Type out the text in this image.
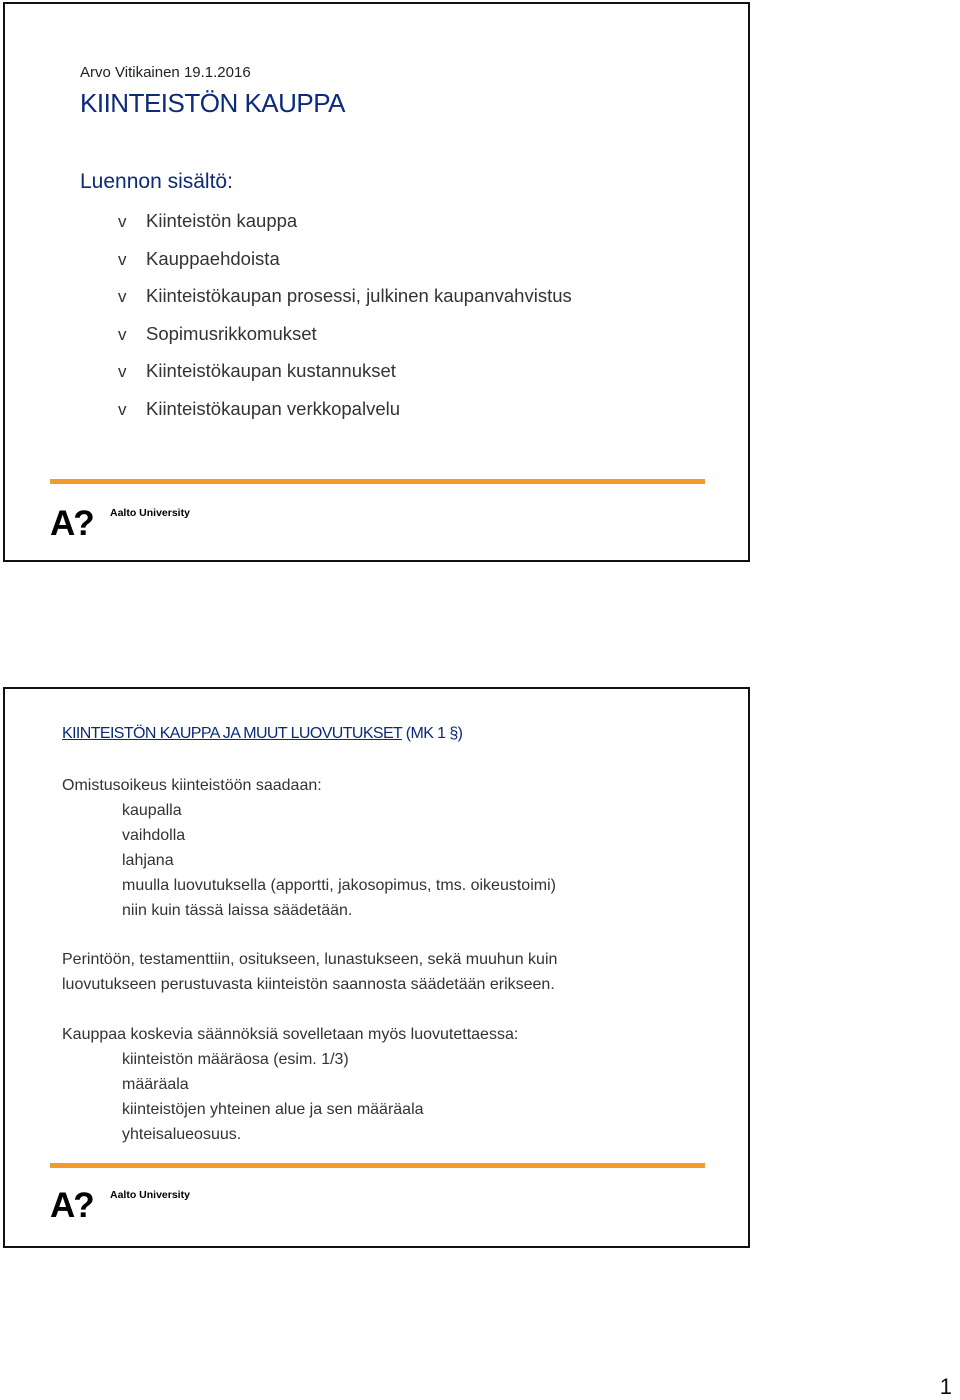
Arvo Vitikainen 19.1.2016
KIINTEISTÖN KAUPPA
Luennon sisältö:
v	Kiinteistön kauppa
v	Kauppaehdoista
v	Kiinteistökaupan prosessi, julkinen kaupanvahvistus
v	Sopimusrikkomukset
v	Kiinteistökaupan kustannukset
v	Kiinteistökaupan verkkopalvelu
A? Aalto University
KIINTEISTÖN KAUPPA JA MUUT LUOVUTUKSET (MK 1 §)
Omistusoikeus kiinteistöön saadaan:
kaupalla
vaihdolla
lahjana
muulla luovutuksella (apportti, jakosopimus, tms. oikeustoimi)
niin kuin tässä laissa säädetään.
Perintöön, testamenttiin, ositukseen, lunastukseen, sekä muuhun kuin
luovutukseen perustuvasta kiinteistön saannosta säädetään erikseen.
Kauppaa koskevia säännöksiä sovelletaan myös luovutettaessa:
kiinteistön määräosa (esim. 1/3)
määräala
kiinteistöjen yhteinen alue ja sen määräala
yhteisalueosuus.
A? Aalto University
1
